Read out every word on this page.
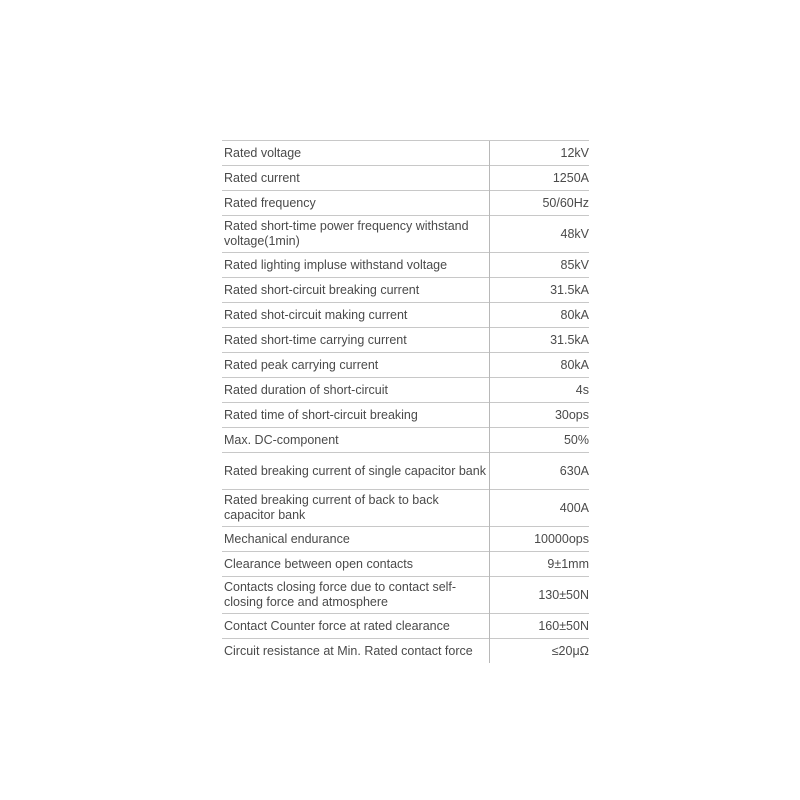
Rated voltage	12kV
Rated current	1250A
Rated frequency	50/60Hz
Rated short-time power frequency withstand voltage(1min)	48kV
Rated lighting impluse withstand voltage	85kV
Rated short-circuit breaking current	31.5kA
Rated shot-circuit making current	80kA
Rated short-time carrying current	31.5kA
Rated peak carrying current	80kA
Rated duration of short-circuit	4s
Rated time of short-circuit breaking	30ops
Max. DC-component	50%
Rated breaking current of single capacitor bank	630A
Rated breaking current of back to back capacitor bank	400A
Mechanical endurance	10000ops
Clearance between open contacts	9±1mm
Contacts closing force due to contact self-closing force and atmosphere	130±50N
Contact Counter force at rated clearance	160±50N
Circuit resistance at Min. Rated contact force	≤20μΩ
